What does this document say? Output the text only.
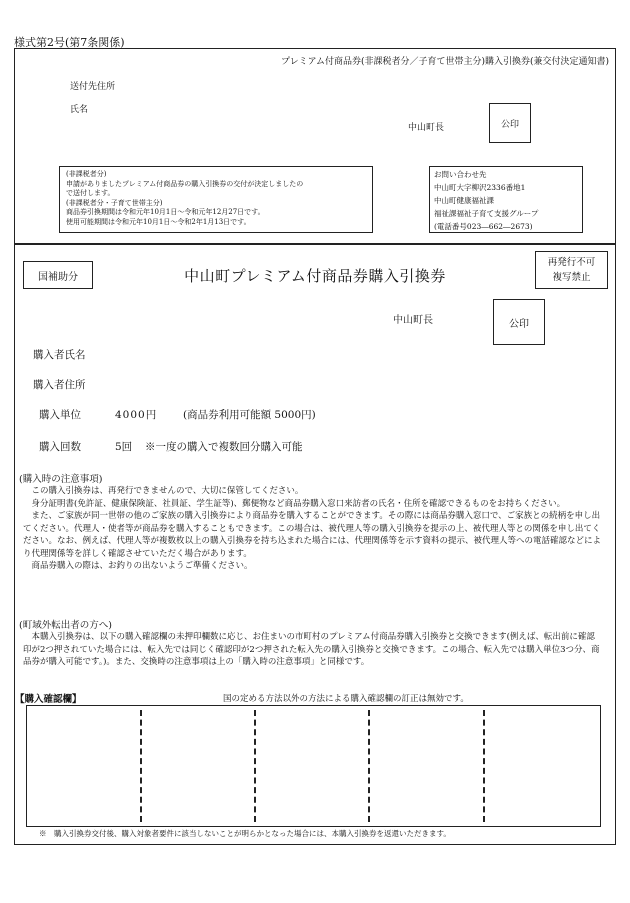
様式第2号(第7条関係)
プレミアム付商品券(非課税者分／子育て世帯主分)購入引換券(兼交付決定通知書)
送付先住所
氏名
中山町長	公印
(非課税者分)
申請がありましたプレミアム付商品券の購入引換券の交付が決定しましたの
で送付します。
(非課税者分・子育て世帯主分)
商品券引換期間は令和元年10月1日〜令和元年12月27日です。
使用可能期間は令和元年10月1日〜令和2年1月13日です。
お問い合わせ先
中山町大字柳沢2336番地1
中山町健康福祉課
福祉課福祉子育て支援グループ
(電話番号023―662―2673)
国補助分	中山町プレミアム付商品券購入引換券
再発行不可
複写禁止
中山町長	公印
購入者氏名
購入者住所
購入単位	4000円 (商品券利用可能額 5000円)
購入回数	5回 ※一度の購入で複数回分購入可能
(購入時の注意事項)
　この購入引換券は、再発行できませんので、大切に保管してください。
　身分証明書(免許証、健康保険証、社員証、学生証等)、郵便物など商品券購入窓口来訪者の氏名・住所を確認できるものをお持ちください。
　また、ご家族が同一世帯の他のご家族の購入引換券により商品券を購入することができます。その際には商品券購入窓口で、ご家族との続柄を申し出てください。代理人・使者等が商品券を購入することもできます。この場合は、被代理人等の購入引換券を提示の上、被代理人等との関係を申し出てください。なお、例えば、代理人等が複数枚以上の購入引換券を持ち込まれた場合には、代理関係等を示す資料の提示、被代理人等への電話確認などにより代理関係等を詳しく確認させていただく場合があります。
　商品券購入の際は、お釣りの出ないようご準備ください。
(町域外転出者の方へ)
　本購入引換券は、以下の購入確認欄の未押印欄数に応じ、お住まいの市町村のプレミアム付商品券購入引換券と交換できます(例えば、転出前に確認印が2つ押されていた場合には、転入先では同じく確認印が2つ押された転入先の購入引換券と交換できます。この場合、転入先では購入単位3つ分、商品券が購入可能です。)。また、交換時の注意事項は上の「購入時の注意事項」と同様です。
【購入確認欄】	国の定める方法以外の方法による購入確認欄の訂正は無効です。
※　購入引換券交付後、購入対象者要件に該当しないことが明らかとなった場合には、本購入引換券を返還いただきます。
